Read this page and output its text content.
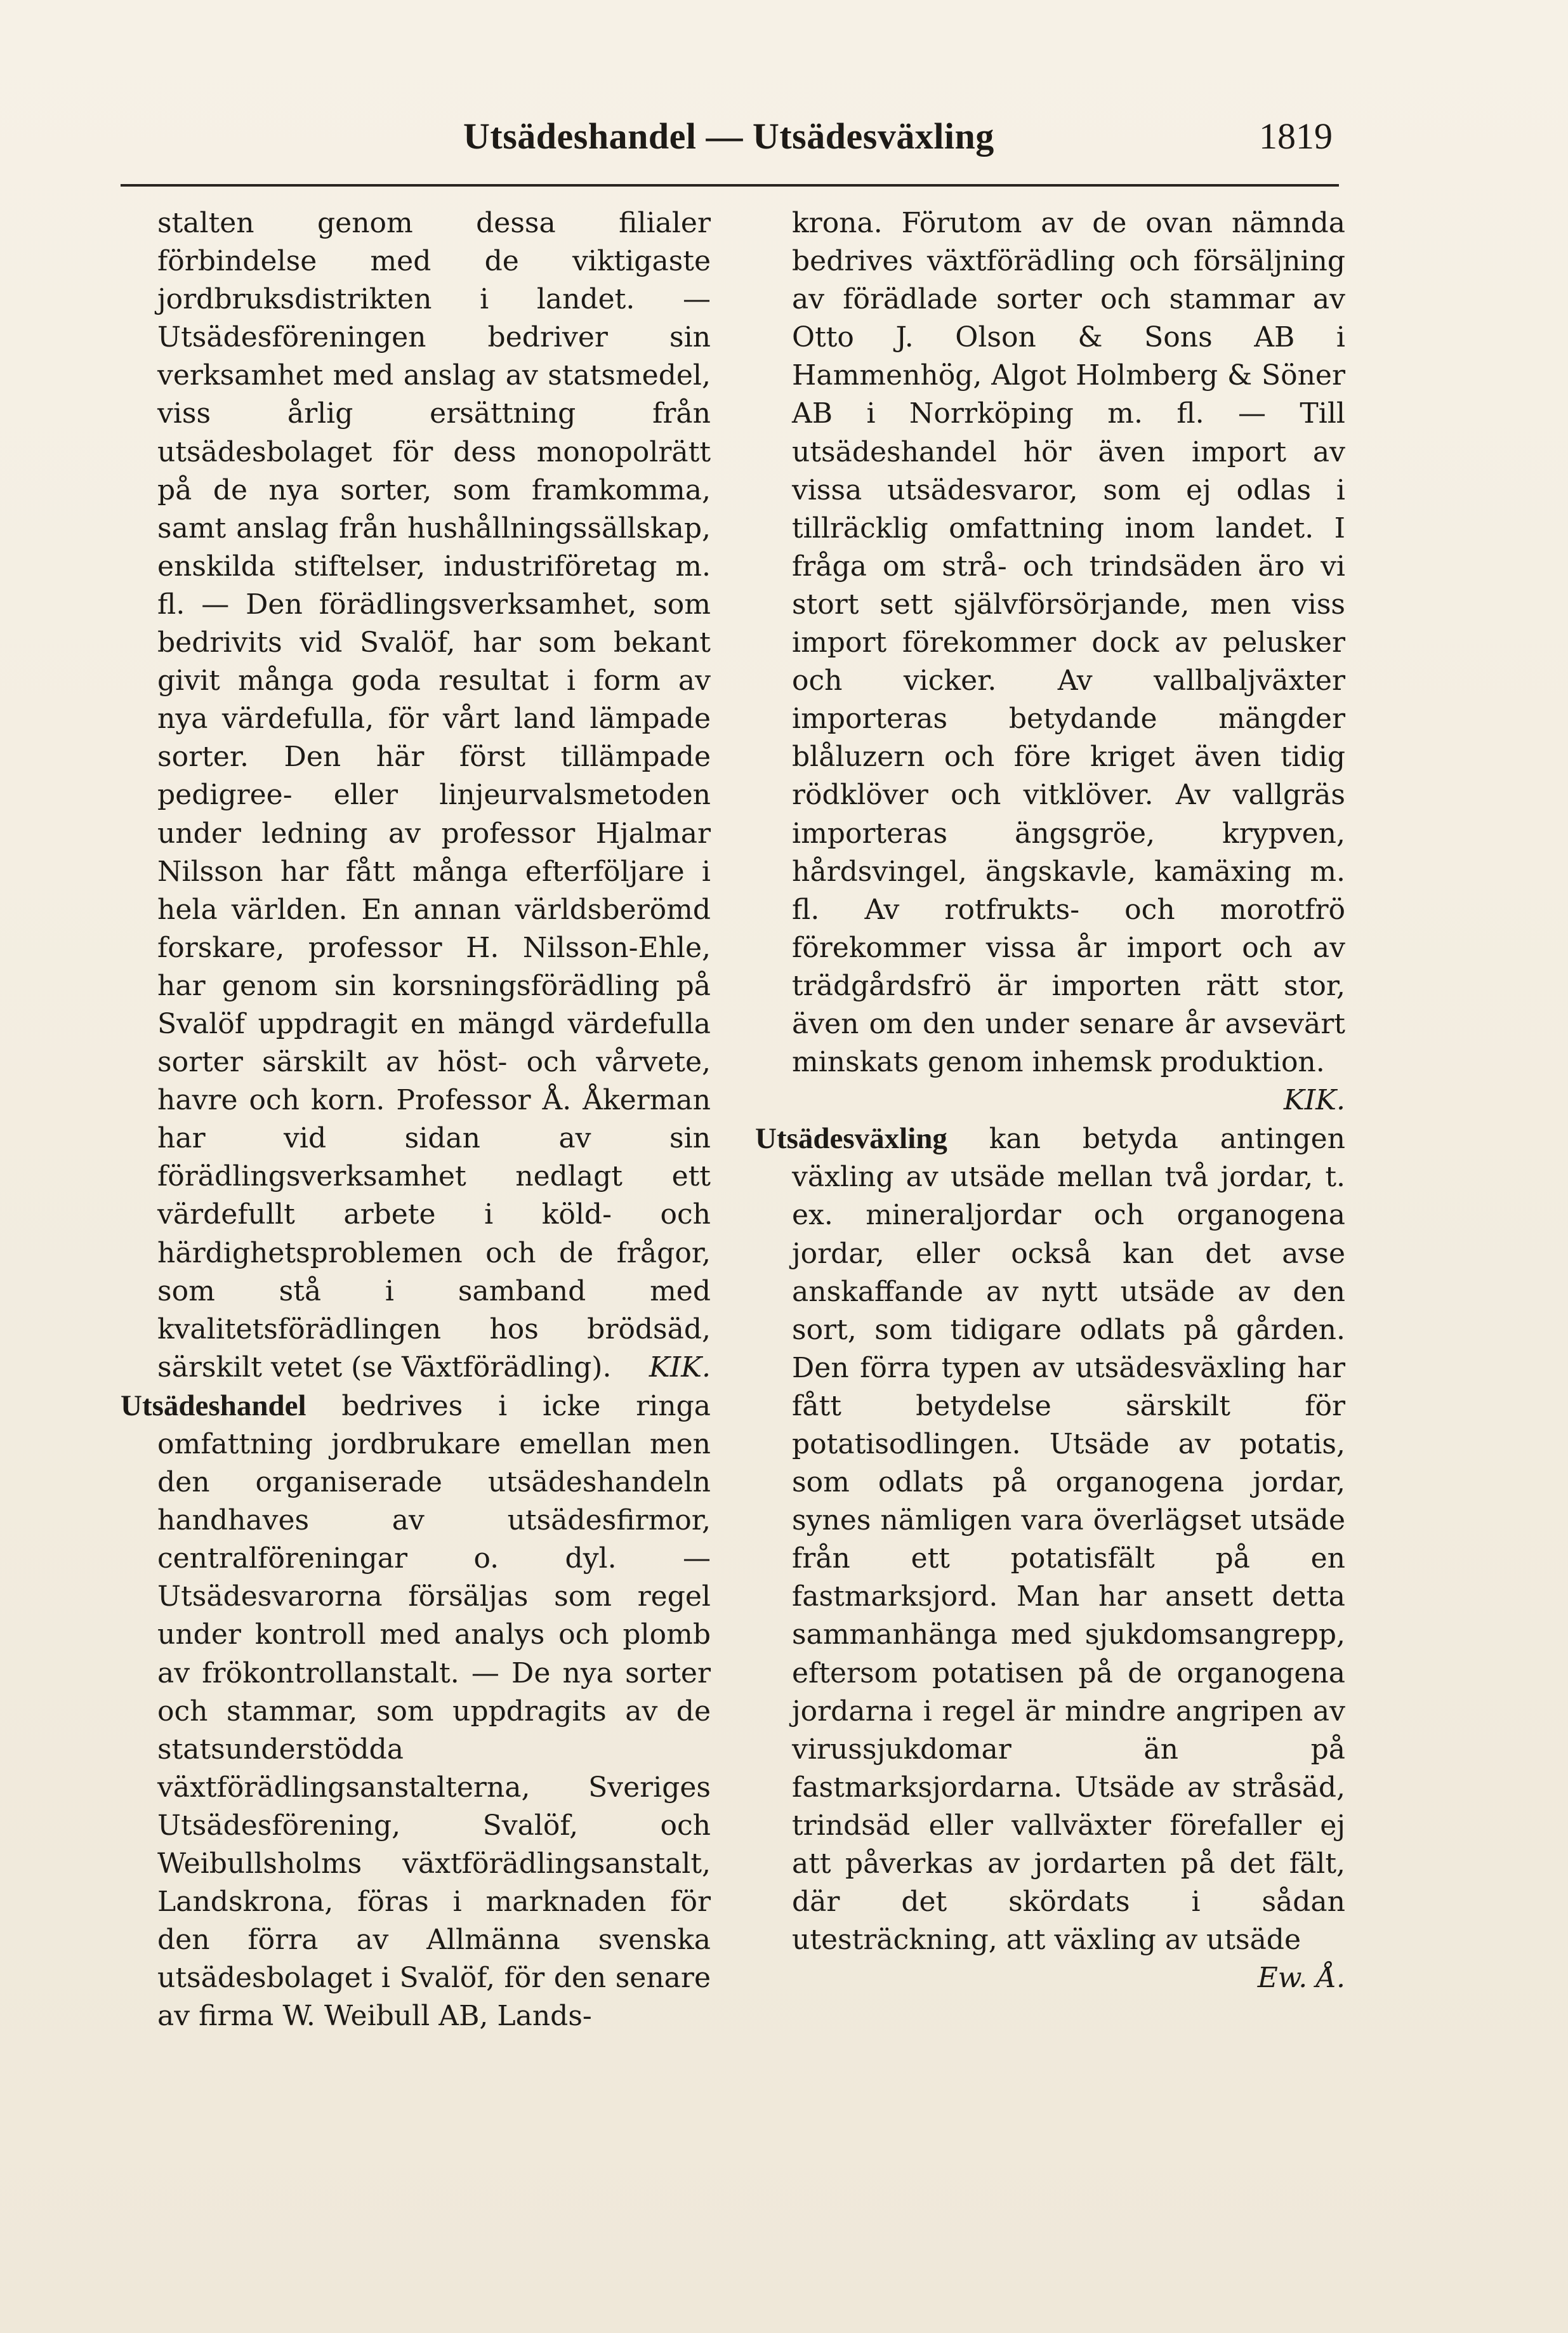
Utsädeshandel — Utsädesväxling	1819

stalten genom dessa filialer förbindelse med de viktigaste jordbruksdistrikten i landet. — Utsädesföreningen bedriver sin verksamhet med anslag av statsmedel, viss årlig ersättning från utsädesbolaget för dess monopolrätt på de nya sorter, som framkomma, samt anslag från hushållningssällskap, enskilda stiftelser, industriföretag m. fl. — Den förädlingsverksamhet, som bedrivits vid Svalöf, har som bekant givit många goda resultat i form av nya värdefulla, för vårt land lämpade sorter. Den här först tillämpade pedigree- eller linjeurvalsmetoden under ledning av professor Hjalmar Nilsson har fått många efterföljare i hela världen. En annan världsberömd forskare, professor H. Nilsson-Ehle, har genom sin korsningsförädling på Svalöf uppdragit en mängd värdefulla sorter särskilt av höst- och vårvete, havre och korn. Professor Å. Åkerman har vid sidan av sin förädlingsverksamhet nedlagt ett värdefullt arbete i köld- och härdighetsproblemen och de frågor, som stå i samband med kvalitetsförädlingen hos brödsäd, särskilt vetet (se Växtförädling). KIK.

Utsädeshandel bedrives i icke ringa omfattning jordbrukare emellan men den organiserade utsädeshandeln handhaves av utsädesfirmor, centralföreningar o. dyl. — Utsädesvarorna försäljas som regel under kontroll med analys och plomb av frökontrollanstalt. — De nya sorter och stammar, som uppdragits av de statsunderstödda växtförädlingsanstalterna, Sveriges Utsädesförening, Svalöf, och Weibullsholms växtförädlingsanstalt, Landskrona, föras i marknaden för den förra av Allmänna svenska utsädesbolaget i Svalöf, för den senare av firma W. Weibull AB, Lands-

krona. Förutom av de ovan nämnda bedrives växtförädling och försäljning av förädlade sorter och stammar av Otto J. Olson & Sons AB i Hammenhög, Algot Holmberg & Söner AB i Norrköping m. fl. — Till utsädeshandel hör även import av vissa utsädesvaror, som ej odlas i tillräcklig omfattning inom landet. I fråga om strå- och trindsäden äro vi stort sett självförsörjande, men viss import förekommer dock av pelusker och vicker. Av vallbaljväxter importeras betydande mängder blåluzern och före kriget även tidig rödklöver och vitklöver. Av vallgräs importeras ängsgröe, krypven, hårdsvingel, ängskavle, kamäxing m. fl. Av rotfrukts- och morotfrö förekommer vissa år import och av trädgårdsfrö är importen rätt stor, även om den under senare år avsevärt minskats genom inhemsk produktion.
KIK.

Utsädesväxling kan betyda antingen växling av utsäde mellan två jordar, t. ex. mineraljordar och organogena jordar, eller också kan det avse anskaffande av nytt utsäde av den sort, som tidigare odlats på gården. Den förra typen av utsädesväxling har fått betydelse särskilt för potatisodlingen. Utsäde av potatis, som odlats på organogena jordar, synes nämligen vara överlägset utsäde från ett potatisfält på en fastmarksjord. Man har ansett detta sammanhänga med sjukdomsangrepp, eftersom potatisen på de organogena jordarna i regel är mindre angripen av virussjukdomar än på fastmarksjordarna. Utsäde av stråsäd, trindsäd eller vallväxter förefaller ej att påverkas av jordarten på det fält, där det skördats i sådan utesträckning, att växling av utsäde

Ew. Å.
